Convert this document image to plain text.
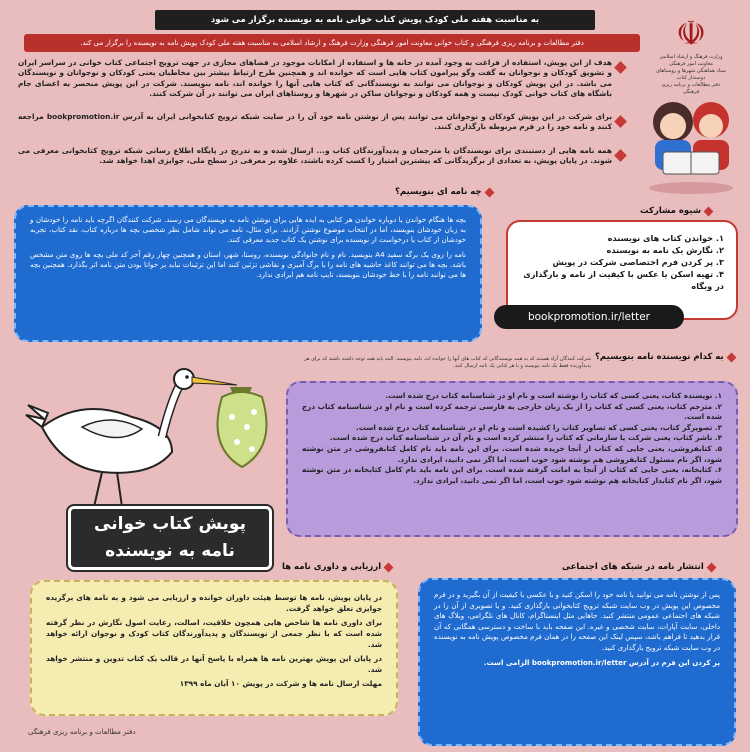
به مناسبت هفته ملی کودک پویش کتاب خوانی نامه به نویسنده برگزار می شود
دفتر مطالعات و برنامه ریزی فرهنگی و کتاب خوانی معاونت امور فرهنگی وزارت فرهنگ و ارشاد اسلامی به مناسبت هفته ملی کودک پویش نامه به نویسنده را برگزار می کند.	☫
وزارت فرهنگ و ارشاد اسلامی
معاونت امور فرهنگی
ستاد هماهنگی شهرها و روستاهای دوستدار کتاب
دفتر مطالعات و برنامه ریزی فرهنگی

هدف از این پویش، استفاده از فراغت به وجود آمده در خانه ها و استفاده از امکانات موجود در فضاهای مجازی در جهت ترویج اجتماعی کتاب خوانی در سراسر ایران و تشویق کودکان و نوجوانان به گفت وگو پیرامون کتاب هایی است که خوانده اند و همچنین طرح ارتباط بیشتر بین مخاطبان یعنی کودکان و نوجوانان و نویسندگان می باشد. در این پویش کودکان و نوجوانان می توانند به نویسندگانی که کتاب هایی آنها را خوانده اند، نامه بنویسند. شرکت در این پویش منحصر به اعضای جام باشگاه های کتاب خوانی کودک نیست و همه کودکان و نوجوانان ساکن در شهرها و روستاهای ایران می توانند در آن شرکت کنند.

برای شرکت در این پویش کودکان و نوجوانان می توانند پس از نوشتن نامه خود آن را در سایت شبکه ترویج کتابخوانی ایران به آدرس bookpromotion.ir مراجعه کنند و نامه خود را در فرم مربوطه بارگذاری کنند.

همه نامه هایی از دستبندی برای نویسندگان یا مترجمان و پدیدآورندگان کتاب و... ارسال شده و به تدریج در پایگاه اطلاع رسانی شبکه ترویج کتابخوانی معرفی می شوند. در پایان پویش، به تعدادی از برگزیدگانی که بیشترین امتیاز را کسب کرده باشند، علاوه بر معرفی در سطح ملی، جوایزی اهدا خواهد شد.

چه نامه ای بنویسیم؟

بچه ها هنگام خواندن یا دوباره خواندن هر کتابی به ایده هایی برای نوشتن نامه به نویسندگان می رسند. شرکت کنندگان اگرچه باید نامه را خودشان و به زبان خودشان بنویسند، اما در انتخاب موضوع نوشتن آزادند. برای مثال، نامه می تواند شامل نظر شخصی بچه ها درباره کتاب، نقد کتاب، تجربه خودشان از کتاب یا درخواست از نویسنده برای نوشتن یک کتاب جدید معرفی کنند.

نامه را روی یک برگه سفید A4 بنویسید. نام و نام خانوادگی نویسنده، روستا، شهر، استان و همچنین چهار رقم آخر کد ملی بچه ها روی متن مشخص باشد. بچه ها می توانند کاغذ حاشیه های نامه را با برگ آمیزی و نقاشی تزئین کنند اما این تزئینات نباید بر خوانا بودن متن نامه اثر بگذارد. همچنین بچه ها می توانند نامه را با خط خودشان بنویسند، تایپ نامه هم ایرادی ندارد.

شیوه مشارکت
۱. خواندن کتاب های نویسنده
۲. نگارش یک نامه به نویسنده
۳. پر کردن فرم اختصاصی شرکت در پویش
۴. تهیه اسکن یا عکس با کیفیت از نامه و بارگذاری در وبگاه
bookpromotion.ir/letter
به کدام نویسنده نامه بنویسیم؟

شرکت کنندگان آزاد هستند که به همه نویسندگانی که کتاب های آنها را خوانده اند، نامه بنویسند. البته باید همه توجه داشته باشند که برای هر پدیدآورنده فقط یک نامه بنویسند و با هر کتابی یک نامه ارسال کنند.

۱. نویسنده کتاب، یعنی کسی که کتاب را نوشته است و نام او در شناسنامه کتاب درج شده است.

۲. مترجم کتاب، یعنی کسی که کتاب را از یک زبان خارجی به فارسی ترجمه کرده است و نام او در شناسنامه کتاب درج شده است.

۳. تصویرگر کتاب، یعنی کسی که تصاویر کتاب را کشیده است و نام او در شناسنامه کتاب درج شده است.

۴. ناشر کتاب، یعنی شرکت یا سازمانی که کتاب را منتشر کرده است و نام آن در شناسنامه کتاب درج شده است.

۵. کتابفروشی، یعنی جایی که کتاب از آنجا خریده شده است. برای این نامه باید نام کامل کتابفروشی در متن نوشته شود، اگر نام مسئول کتابفروشی هم نوشته شود خوب است، اما اگر نمی دانید، ایرادی ندارد.

۶. کتابخانه، یعنی جایی که کتاب از آنجا به امانت گرفته شده است. برای این نامه باید نام کامل کتابخانه در متن نوشته شود، اگر نام کتابدار کتابخانه هم نوشته شود خوب است، اما اگر نمی دانید، ایرادی ندارد.

پویش کتاب خوانی
نامه به نویسنده
ارزیابی و داوری نامه ها

در پایان پویش، نامه ها توسط هیئت داوران خوانده و ارزیابی می شود و به نامه های برگزیده جوایزی تعلق خواهد گرفت.

برای داوری نامه ها شاخص هایی همچون خلاقیت، اصالت، رعایت اصول نگارش در نظر گرفته شده است که با نظر جمعی از نویسندگان و پدیدآورندگان کتاب کودک و نوجوان ارائه خواهد شد.

در پایان این پویش بهترین نامه ها همراه با پاسخ آنها در قالب یک کتاب تدوین و منتشر خواهد شد.

مهلت ارسال نامه ها و شرکت در پویش ۱۰ آبان ماه ۱۳۹۹

انتشار نامه در شبکه های اجتماعی

پس از نوشتن نامه می توانید یا نامه خود را اسکن کنید و یا عکسی با کیفیت از آن بگیرید و در فرم مخصوص این پویش در وب سایت شبکه ترویج کتابخوانی بارگذاری کنید. و یا تصویری از آن را در شبکه های اجتماعی عمومی منتشر کنید. جاهایی مثل اینستاگرام، کانال های تلگرامی، وبلاگ های داخلی، سایت آپارات، سایت شخصی و غیره. این صفحه باید با ساخت و دسترسی همگانی که آن قرار بدهید تا فراهم باشد، سپس لینک این صفحه را در همان فرم مخصوص پویش نامه به نویسنده در وب سایت شبکه ترویج بارگذاری کنید.

پر کردن این فرم در آدرس bookpromotion.ir/letter الزامی است.

دفتر مطالعات و برنامه ریزی فرهنگی
